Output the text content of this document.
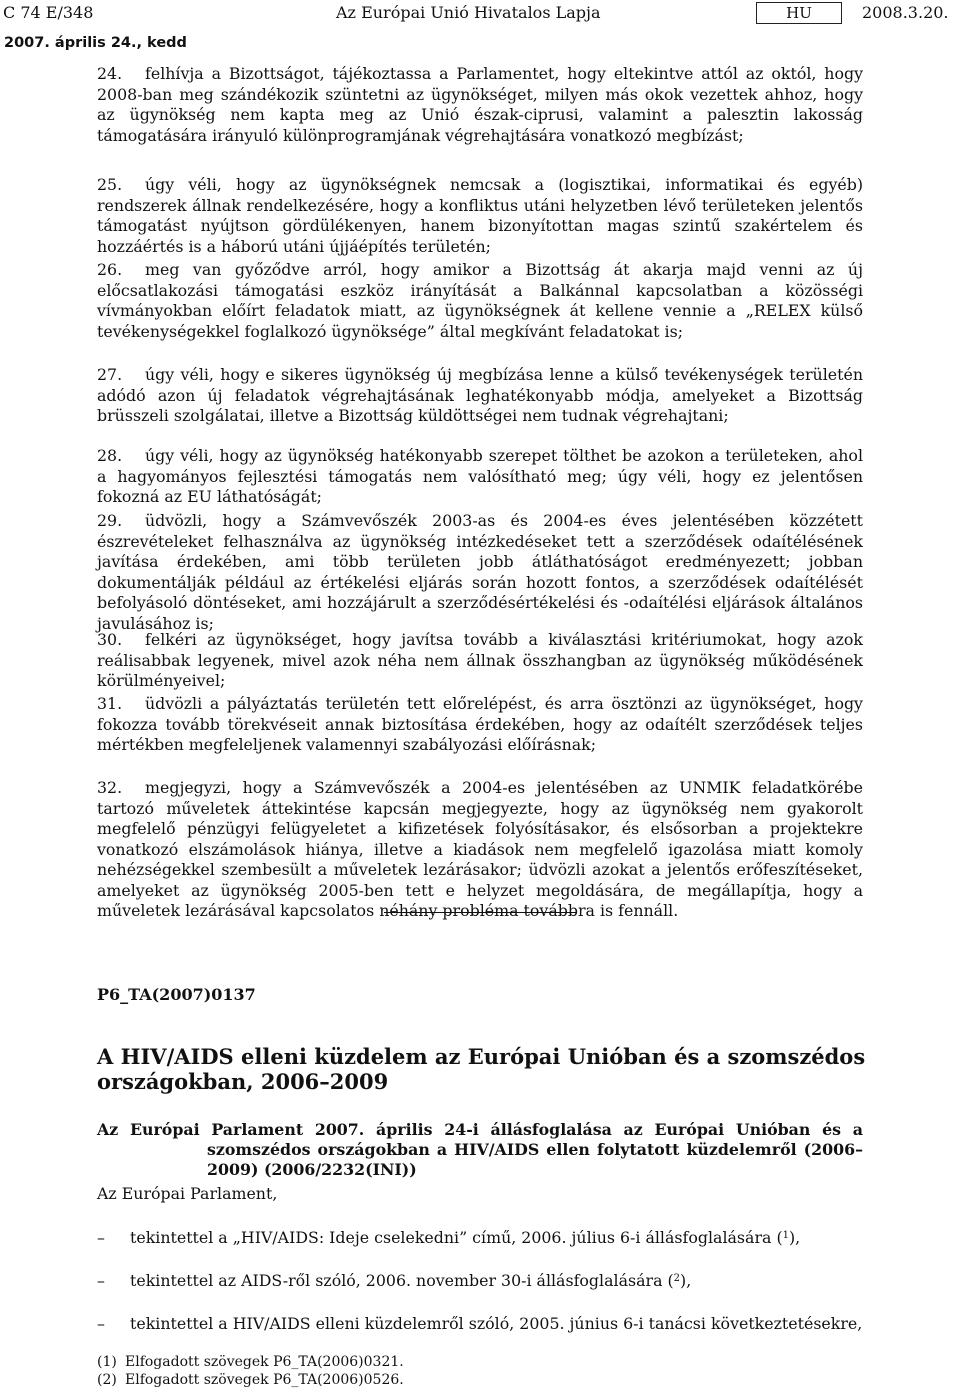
C 74 E/348	Az Európai Unió Hivatalos Lapja	HU	2008.3.20.
2007. április 24., kedd

24. felhívja a Bizottságot, tájékoztassa a Parlamentet, hogy eltekintve attól az októl, hogy 2008-ban meg szándékozik szüntetni az ügynökséget, milyen más okok vezettek ahhoz, hogy az ügynökség nem kapta meg az Unió észak-ciprusi, valamint a palesztin lakosság támogatására irányuló különprogramjának végrehajtására vonatkozó megbízást;

25. úgy véli, hogy az ügynökségnek nemcsak a (logisztikai, informatikai és egyéb) rendszerek állnak rendelkezésére, hogy a konfliktus utáni helyzetben lévő területeken jelentős támogatást nyújtson gördülékenyen, hanem bizonyítottan magas szintű szakértelem és hozzáértés is a háború utáni újjáépítés területén;

26. meg van győződve arról, hogy amikor a Bizottság át akarja majd venni az új előcsatlakozási támogatási eszköz irányítását a Balkánnal kapcsolatban a közösségi vívmányokban előírt feladatok miatt, az ügynökségnek át kellene vennie a „RELEX külső tevékenységekkel foglalkozó ügynöksége” által megkívánt feladatokat is;

27. úgy véli, hogy e sikeres ügynökség új megbízása lenne a külső tevékenységek területén adódó azon új feladatok végrehajtásának leghatékonyabb módja, amelyeket a Bizottság brüsszeli szolgálatai, illetve a Bizottság küldöttségei nem tudnak végrehajtani;

28. úgy véli, hogy az ügynökség hatékonyabb szerepet tölthet be azokon a területeken, ahol a hagyományos fejlesztési támogatás nem valósítható meg; úgy véli, hogy ez jelentősen fokozná az EU láthatóságát;

29. üdvözli, hogy a Számvevőszék 2003-as és 2004-es éves jelentésében közzétett észrevételeket felhasználva az ügynökség intézkedéseket tett a szerződések odaítélésének javítása érdekében, ami több területen jobb átláthatóságot eredményezett; jobban dokumentálják például az értékelési eljárás során hozott fontos, a szerződések odaítélését befolyásoló döntéseket, ami hozzájárult a szerződésértékelési és -odaítélési eljárások általános javulásához is;

30. felkéri az ügynökséget, hogy javítsa tovább a kiválasztási kritériumokat, hogy azok reálisabbak legyenek, mivel azok néha nem állnak összhangban az ügynökség működésének körülményeivel;

31. üdvözli a pályáztatás területén tett előrelépést, és arra ösztönzi az ügynökséget, hogy fokozza tovább törekvéseit annak biztosítása érdekében, hogy az odaítélt szerződések teljes mértékben megfeleljenek valamennyi szabályozási előírásnak;

32. megjegyzi, hogy a Számvevőszék a 2004-es jelentésében az UNMIK feladatkörébe tartozó műveletek áttekintése kapcsán megjegyezte, hogy az ügynökség nem gyakorolt megfelelő pénzügyi felügyeletet a kifizetések folyósításakor, és elsősorban a projektekre vonatkozó elszámolások hiánya, illetve a kiadások nem megfelelő igazolása miatt komoly nehézségekkel szembesült a műveletek lezárásakor; üdvözli azokat a jelentős erőfeszítéseket, amelyeket az ügynökség 2005-ben tett e helyzet megoldására, de megállapítja, hogy a műveletek lezárásával kapcsolatos néhány probléma továbbra is fennáll.

P6_TA(2007)0137
A HIV/AIDS elleni küzdelem az Európai Unióban és a szomszédos országokban, 2006–2009
Az Európai Parlament 2007. április 24-i állásfoglalása az Európai Unióban és a szomszédos országokban a HIV/AIDS ellen folytatott küzdelemről (2006–2009) (2006/2232(INI))
Az Európai Parlament,
– tekintettel a „HIV/AIDS: Ideje cselekedni” című, 2006. július 6-i állásfoglalására ($^1$),
– tekintettel az AIDS-ről szóló, 2006. november 30-i állásfoglalására ($^2$),
– tekintettel a HIV/AIDS elleni küzdelemről szóló, 2005. június 6-i tanácsi következtetésekre,
(1) Elfogadott szövegek P6_TA(2006)0321.
(2) Elfogadott szövegek P6_TA(2006)0526.
